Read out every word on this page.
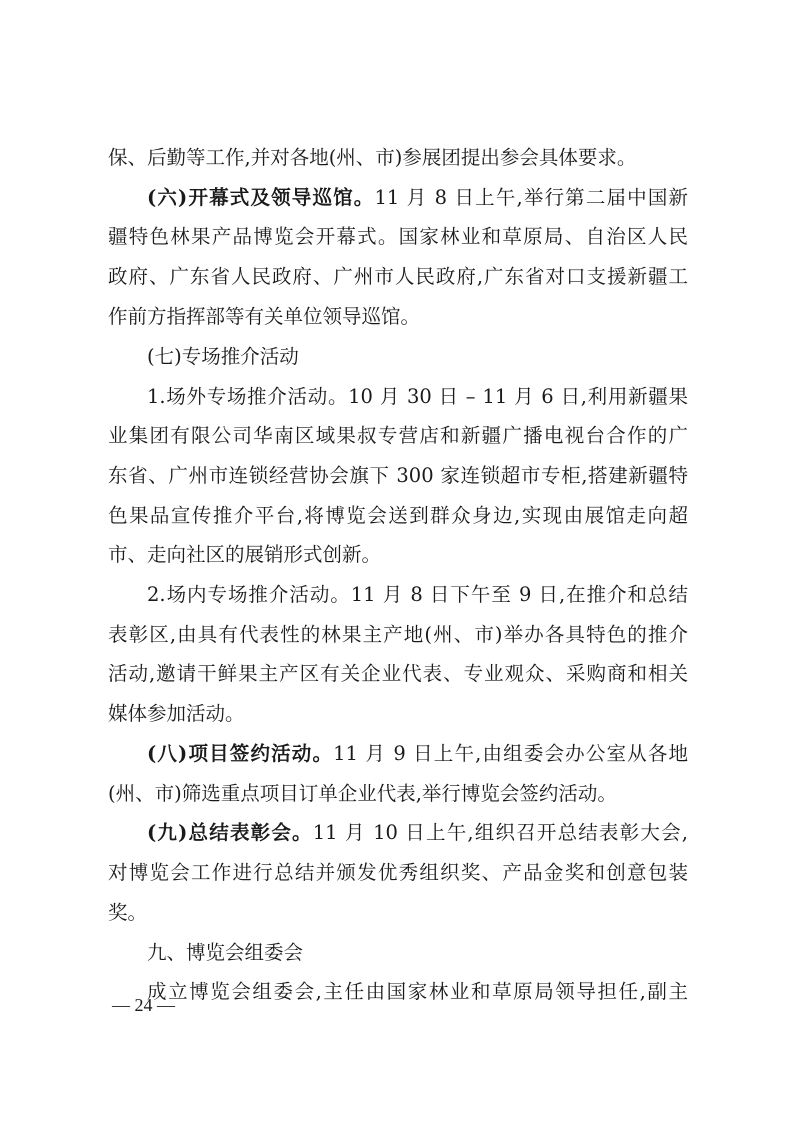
保、后勤等工作,并对各地(州、市)参展团提出参会具体要求。

(六)开幕式及领导巡馆。11 月 8 日上午,举行第二届中国新

疆特色林果产品博览会开幕式。国家林业和草原局、自治区人民

政府、广东省人民政府、广州市人民政府,广东省对口支援新疆工

作前方指挥部等有关单位领导巡馆。

(七)专场推介活动

1.场外专场推介活动。10 月 30 日 – 11 月 6 日,利用新疆果

业集团有限公司华南区域果叔专营店和新疆广播电视台合作的广

东省、广州市连锁经营协会旗下 300 家连锁超市专柜,搭建新疆特

色果品宣传推介平台,将博览会送到群众身边,实现由展馆走向超

市、走向社区的展销形式创新。

2.场内专场推介活动。11 月 8 日下午至 9 日,在推介和总结

表彰区,由具有代表性的林果主产地(州、市)举办各具特色的推介

活动,邀请干鲜果主产区有关企业代表、专业观众、采购商和相关

媒体参加活动。

(八)项目签约活动。11 月 9 日上午,由组委会办公室从各地

(州、市)筛选重点项目订单企业代表,举行博览会签约活动。

(九)总结表彰会。11 月 10 日上午,组织召开总结表彰大会,

对博览会工作进行总结并颁发优秀组织奖、产品金奖和创意包装

奖。

九、博览会组委会

成立博览会组委会,主任由国家林业和草原局领导担任,副主

— 24 —
